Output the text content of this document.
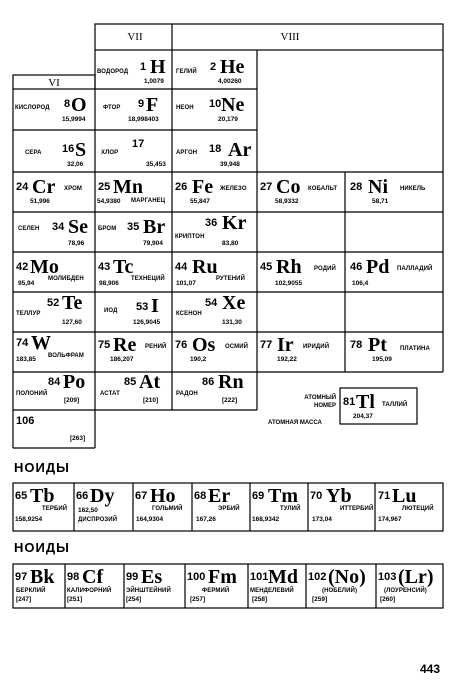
VII	VIII
VI
ВОДОРОД 1 H
1,0079
ГЕЛИЙ 2 He
4,00260
КИСЛОРОД 8 O
15,9994
ФТОР 9 F
18,998403
НЕОН 10 Ne
20,179
СЕРА 16 S
32,06
ХЛОР
17
35,453
АРГОН 18 Ar
39,948
24 Cr ХРОМ
51,996
25 Mn
54,9380 МАРГАНЕЦ
26 Fe ЖЕЛЕЗО
55,847
27 Co КОБАЛЬТ
58,9332
28 Ni НИКЕЛЬ
58,71
СЕЛЕН 34 Se
78,96
БРОМ 35 Br
79,904
36 Kr
КРИПТОН
83,80
42 Mo
МОЛИБДЕН
95,94
43 Tc
98,906
ТЕХНЕЦИЙ
44 Ru
101,07
РУТЕНИЙ
45 Rh РОДИЙ
102,9055
46 Pd ПАЛЛАДИЙ
106,4
52 Te
ТЕЛЛУР
127,60
ИОД 53 I
126,9045
54 Xe
КСЕНОН
131,30
74 W
183,85 ВОЛЬФРАМ
75 Re РЕНИЙ
186,207
76 Os ОСМИЙ
190,2
77 Ir ИРИДИЙ
192,22
78 Pt ПЛАТИНА
195,09
84 Po
ПОЛОНИЙ
[209]
85 At
АСТАТ
[210]
86 Rn
РАДОН
[222]
106
[263]
АТОМНЫЙ НОМЕР
АТОМНАЯ МАССА
81 Tl ТАЛЛИЙ
204,37
НОИДЫ
65 Tb
ТЕРБИЙ
158,9254
66 Dy
162,50
ДИСПРОЗИЙ
67 Ho
ГОЛЬМИЙ
164,9304
68 Er
ЭРБИЙ
167,26
69 Tm
ТУЛИЙ
168,9342
70 Yb
ИТТЕРБИЙ
173,04
71 Lu
ЛЮТЕЦИЙ
174,967
НОИДЫ
97 Bk
БЕРКЛИЙ
[247]
98 Cf
КАЛИФОРНИЙ
[251]
99 Es
ЭЙНШТЕЙНИЙ
[254]
100 Fm
ФЕРМИЙ
[257]
101 Md
МЕНДЕЛЕВИЙ
[258]
102 (No)
(НОБЕЛИЙ)
[259]
103 (Lr)
(ЛОУРЕНСИЙ)
[260]
443
